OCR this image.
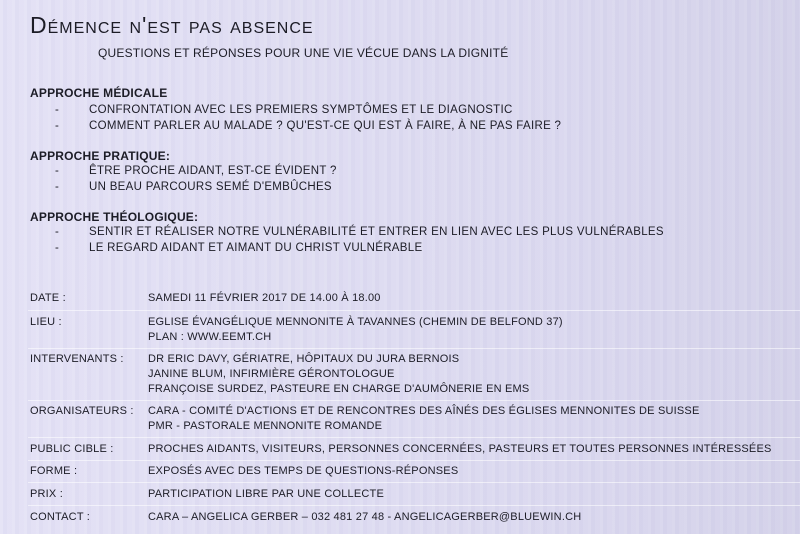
Démence n'est pas absence
QUESTIONS ET RÉPONSES POUR UNE VIE VÉCUE DANS LA DIGNITÉ
APPROCHE MÉDICALE
-	CONFRONTATION AVEC LES PREMIERS SYMPTÔMES ET LE DIAGNOSTIC
-	COMMENT PARLER AU MALADE ? QU'EST-CE QUI EST À FAIRE, À NE PAS FAIRE ?
APPROCHE PRATIQUE:
-	ÊTRE PROCHE AIDANT, EST-CE ÉVIDENT ?
-	UN BEAU PARCOURS SEMÉ D'EMBÛCHES
APPROCHE THÉOLOGIQUE:
-	SENTIR ET RÉALISER NOTRE VULNÉRABILITÉ ET ENTRER EN LIEN AVEC LES PLUS VULNÉRABLES
-	LE REGARD AIDANT ET AIMANT DU CHRIST VULNÉRABLE
DATE :	SAMEDI 11 FÉVRIER 2017 DE 14.00 À 18.00
LIEU :	EGLISE ÉVANGÉLIQUE MENNONITE À TAVANNES (CHEMIN DE BELFOND 37)
PLAN : WWW.EEMT.CH
INTERVENANTS : DR ERIC DAVY, GÉRIATRE, HÔPITAUX DU JURA BERNOIS
JANINE BLUM, INFIRMIÈRE GÉRONTOLOGUE
FRANÇOISE SURDEZ, PASTEURE EN CHARGE D'AUMÔNERIE EN EMS
ORGANISATEURS : CARA - COMITÉ D'ACTIONS ET DE RENCONTRES DES AÎNÉS DES ÉGLISES MENNONITES DE SUISSE
PMR - PASTORALE MENNONITE ROMANDE
PUBLIC CIBLE :	PROCHES AIDANTS, VISITEURS, PERSONNES CONCERNÉES, PASTEURS ET TOUTES PERSONNES INTÉRESSÉES
FORME :	EXPOSÉS AVEC DES TEMPS DE QUESTIONS-RÉPONSES
PRIX :	PARTICIPATION LIBRE PAR UNE COLLECTE
CONTACT :	CARA – ANGELICA GERBER – 032 481 27 48 - ANGELICAGERBER@BLUEWIN.CH
